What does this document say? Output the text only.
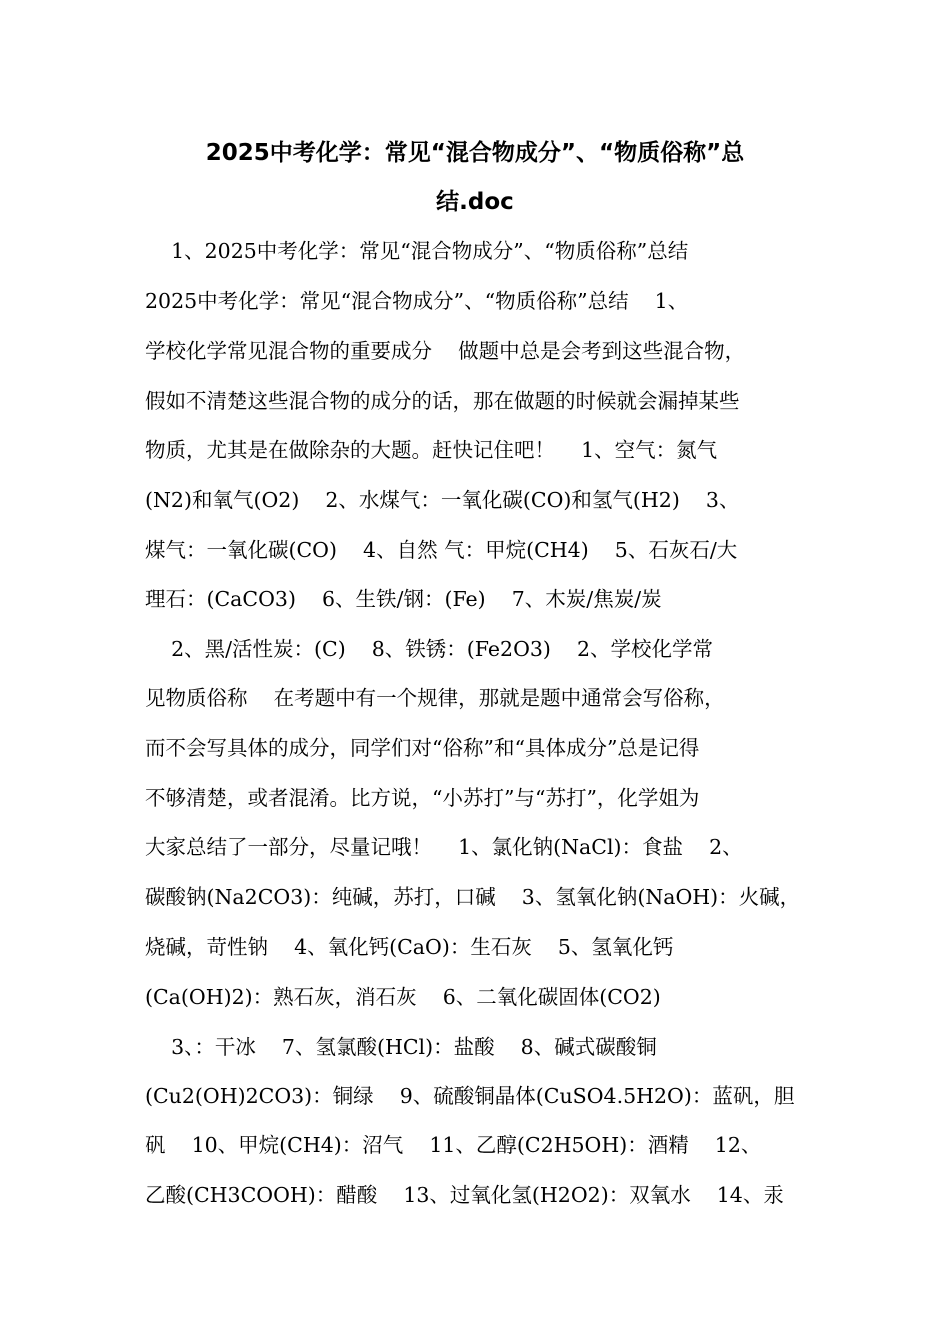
2025中考化学：常见“混合物成分”、“物质俗称”总
结.doc
1、2025中考化学：常见“混合物成分”、“物质俗称”总结
2025中考化学：常见“混合物成分”、“物质俗称”总结    1、
学校化学常见混合物的重要成分    做题中总是会考到这些混合物，
假如不清楚这些混合物的成分的话，那在做题的时候就会漏掉某些
物质，尤其是在做除杂的大题。赶快记住吧！    1、空气：氮气
(N2)和氧气(O2)    2、水煤气：一氧化碳(CO)和氢气(H2)    3、
煤气：一氧化碳(CO)    4、自然 气：甲烷(CH4)    5、石灰石/大
理石：(CaCO3)    6、生铁/钢：(Fe)    7、木炭/焦炭/炭
2、黑/活性炭：(C)    8、铁锈：(Fe2O3)    2、学校化学常
见物质俗称    在考题中有一个规律，那就是题中通常会写俗称，
而不会写具体的成分，同学们对“俗称”和“具体成分”总是记得
不够清楚，或者混淆。比方说，“小苏打”与“苏打”，化学姐为
大家总结了一部分，尽量记哦！    1、氯化钠(NaCl)：食盐    2、
碳酸钠(Na2CO3)：纯碱，苏打，口碱    3、氢氧化钠(NaOH)：火碱，
烧碱，苛性钠    4、氧化钙(CaO)：生石灰    5、氢氧化钙
(Ca(OH)2)：熟石灰，消石灰    6、二氧化碳固体(CO2)
3、：干冰    7、氢氯酸(HCl)：盐酸    8、碱式碳酸铜
(Cu2(OH)2CO3)：铜绿    9、硫酸铜晶体(CuSO4.5H2O)：蓝矾，胆
矾    10、甲烷(CH4)：沼气    11、乙醇(C2H5OH)：酒精    12、
乙酸(CH3COOH)：醋酸    13、过氧化氢(H2O2)：双氧水    14、汞
